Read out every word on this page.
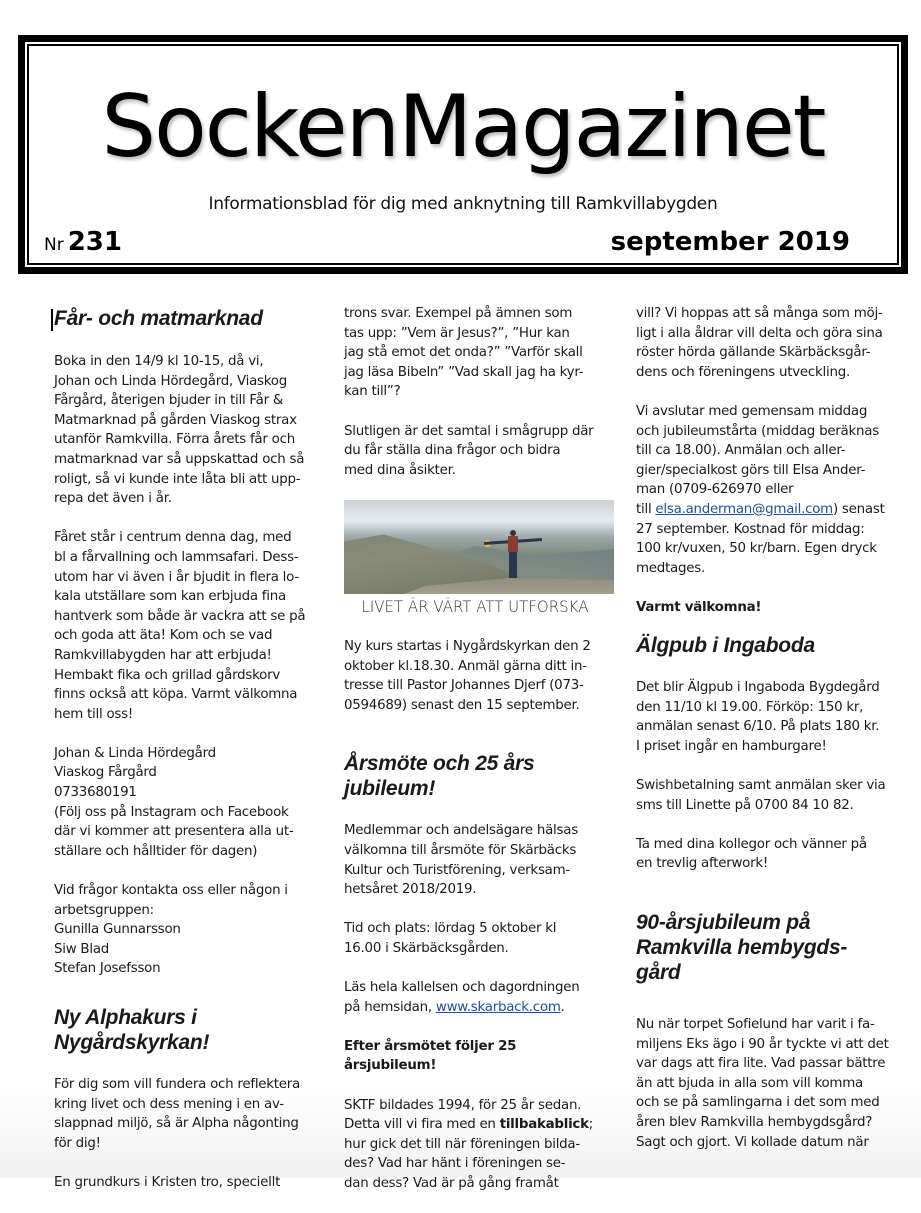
SockenMagazinet
Informationsblad för dig med anknytning till Ramkvillabygden
Nr 231	september 2019
Får- och matmarknad

Boka in den 14/9 kl 10-15, då vi,
Johan och Linda Hördegård, Viaskog
Fårgård, återigen bjuder in till Får &
Matmarknad på gården Viaskog strax
utanför Ramkvilla. Förra årets får och
matmarknad var så uppskattad och så
roligt, så vi kunde inte låta bli att upp-
repa det även i år.

Fåret står i centrum denna dag, med
bl a fårvallning och lammsafari. Dess-
utom har vi även i år bjudit in flera lo-
kala utställare som kan erbjuda fina
hantverk som både är vackra att se på
och goda att äta! Kom och se vad
Ramkvillabygden har att erbjuda!
Hembakt fika och grillad gårdskorv
finns också att köpa. Varmt välkomna
hem till oss!

Johan & Linda Hördegård
Viaskog Fårgård
0733680191
(Följ oss på Instagram och Facebook
där vi kommer att presentera alla ut-
ställare och hålltider för dagen)

Vid frågor kontakta oss eller någon i
arbetsgruppen:
Gunilla Gunnarsson
Siw Blad
Stefan Josefsson

Ny Alphakurs i
Nygårdskyrkan!

För dig som vill fundera och reflektera
kring livet och dess mening i en av-
slappnad miljö, så är Alpha någonting
för dig!

En grundkurs i Kristen tro, speciellt

trons svar. Exempel på ämnen som
tas upp: ”Vem är Jesus?”, ”Hur kan
jag stå emot det onda?” ”Varför skall
jag läsa Bibeln” ”Vad skall jag ha kyr-
kan till”?

Slutligen är det samtal i smågrupp där
du får ställa dina frågor och bidra
med dina åsikter.

LIVET ÄR VÄRT ATT UTFORSKA

Ny kurs startas i Nygårdskyrkan den 2
oktober kl.18.30. Anmäl gärna ditt in-
tresse till Pastor Johannes Djerf (073-
0594689) senast den 15 september.

Årsmöte och 25 års
jubileum!

Medlemmar och andelsägare hälsas
välkomna till årsmöte för Skärbäcks
Kultur och Turistförening, verksam-
hetsåret 2018/2019.

Tid och plats: lördag 5 oktober kl
16.00 i Skärbäcksgården.

Läs hela kallelsen och dagordningen
på hemsidan, www.skarback.com.

Efter årsmötet följer 25 årsjubileum!

SKTF bildades 1994, för 25 år sedan.
Detta vill vi fira med en tillbakablick;
hur gick det till när föreningen bilda-
des? Vad har hänt i föreningen se-
dan dess? Vad är på gång framåt

vill? Vi hoppas att så många som möj-
ligt i alla åldrar vill delta och göra sina
röster hörda gällande Skärbäcksgår-
dens och föreningens utveckling.

Vi avslutar med gemensam middag
och jubileumstårta (middag beräknas
till ca 18.00). Anmälan och aller-
gier/specialkost görs till Elsa Ander-
man (0709-626970 eller
till elsa.anderman@gmail.com) senast
27 september. Kostnad för middag:
100 kr/vuxen, 50 kr/barn. Egen dryck
medtages.

Varmt välkomna!

Älgpub i Ingaboda

Det blir Älgpub i Ingaboda Bygdegård
den 11/10 kl 19.00. Förköp: 150 kr,
anmälan senast 6/10. På plats 180 kr.
I priset ingår en hamburgare!

Swishbetalning samt anmälan sker via
sms till Linette på 0700 84 10 82.

Ta med dina kollegor och vänner på
en trevlig afterwork!

90-årsjubileum på
Ramkvilla hembygds-
gård

Nu när torpet Sofielund har varit i fa-
miljens Eks ägo i 90 år tyckte vi att det
var dags att fira lite. Vad passar bättre
än att bjuda in alla som vill komma
och se på samlingarna i det som med
åren blev Ramkvilla hembygdsgård?
Sagt och gjort. Vi kollade datum när
